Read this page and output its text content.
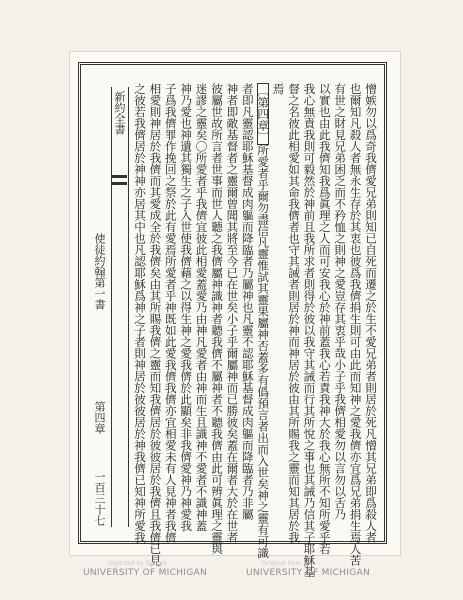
憎嫉勿以爲奇我儕愛兄弟則知已自死而遷之於生不愛兄弟者則居於死凡憎其兄弟即爲殺人者
也爾知凡殺人者無永生存於其衷也彼爲我儕捐生則可由此而知神之愛我儕亦宜爲兄弟捐生焉人苦
有世之財見兄弟困乏而不矜恤之則神之愛豈存其衷乎哉小子乎我儕相愛勿以言勿以舌乃
以實也由此我儕知我爲眞理之人而可安我心於神前蓋我心若責我神大於我心無所不知所愛乎若
我心無責我則可毅然於神前且我所求者則得於彼以我守其誡而行其所悅之事也其誡乃信其子耶穌基
督之名彼此相愛如其命我儕者也守其誡者則居於神而神居於彼由其所賜我之靈而知其居於我
焉
〔第四章〕所愛者乎爾勿盡信凡靈惟試其靈果屬神否蓋多有僞預言者出而入世矣神之靈有可識
者即凡靈認耶穌基督成肉軀而降臨者乃屬神也凡靈不認耶穌基督成肉軀而降臨者乃非屬
神者即敵基督者之靈爾曾聞其將至今已在世矣小子乎爾屬神而已勝彼矣蓋在爾者大於在世者
彼屬世故所言者世事而世人聽之我儕屬神識神者聽我儕不屬神者不聽我儕由此可辨眞理之靈與
迷謬之靈矣〇所愛者乎我儕宜彼此相愛蓋愛乃由神凡愛者由神而生且識神不愛者不識神蓋
神乃愛也神遺其獨生之子入世使我儕藉之以得生神之愛我儕於此顯矣非我儕愛神乃神愛我
子爲我儕罪作挽回之祭於此有愛焉所愛者乎神既如此愛我儕我儕亦宜相愛未有人見神者我儕
相愛則神居於我儕而其愛成全於我儕矣由其所賜我儕之靈而知我儕居於彼彼居於我儕且我儕已見
之彼若我儕居於神神亦居其中也凡認耶穌爲神之子者則神居於彼彼居於神我儕已知神所愛我
新約全書
使徒約翰第一書
第四章
一百三十七
Digitized by Google	Original from
UNIVERSITY OF MICHIGAN	UNIVERSITY OF MICHIGAN
